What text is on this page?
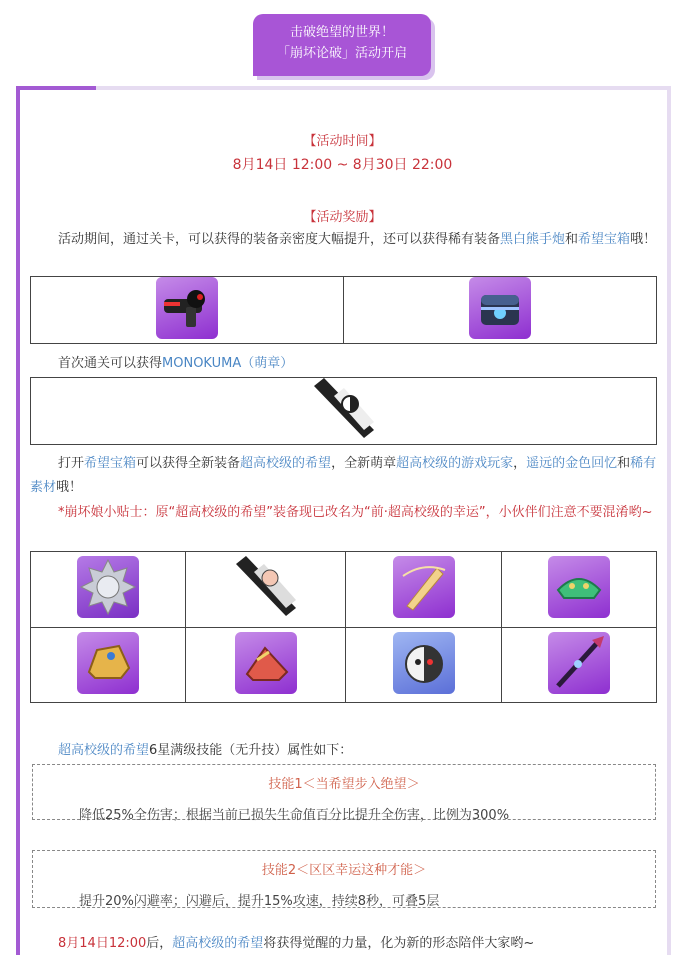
击破绝望的世界！
「崩坏论破」活动开启
【活动时间】
8月14日 12:00 ~ 8月30日 22:00
【活动奖励】
活动期间，通过关卡，可以获得的装备亲密度大幅提升，还可以获得稀有装备黑白熊手炮和希望宝箱哦！

首次通关可以获得MONOKUMA（萌章）
打开希望宝箱可以获得全新装备超高校级的希望，全新萌章超高校级的游戏玩家，遥远的金色回忆和稀有素材哦！
*崩坏娘小贴士：原“超高校级的希望”装备现已改名为“前·超高校级的幸运”，小伙伴们注意不要混淆哟~

超高校级的希望6星满级技能（无升技）属性如下：
技能1＜当希望步入绝望＞
降低25%全伤害；根据当前已损失生命值百分比提升全伤害，比例为300%
技能2＜区区幸运这种才能＞
提升20%闪避率；闪避后，提升15%攻速，持续8秒，可叠5层
8月14日12:00后，超高校级的希望将获得觉醒的力量，化为新的形态陪伴大家哟~
